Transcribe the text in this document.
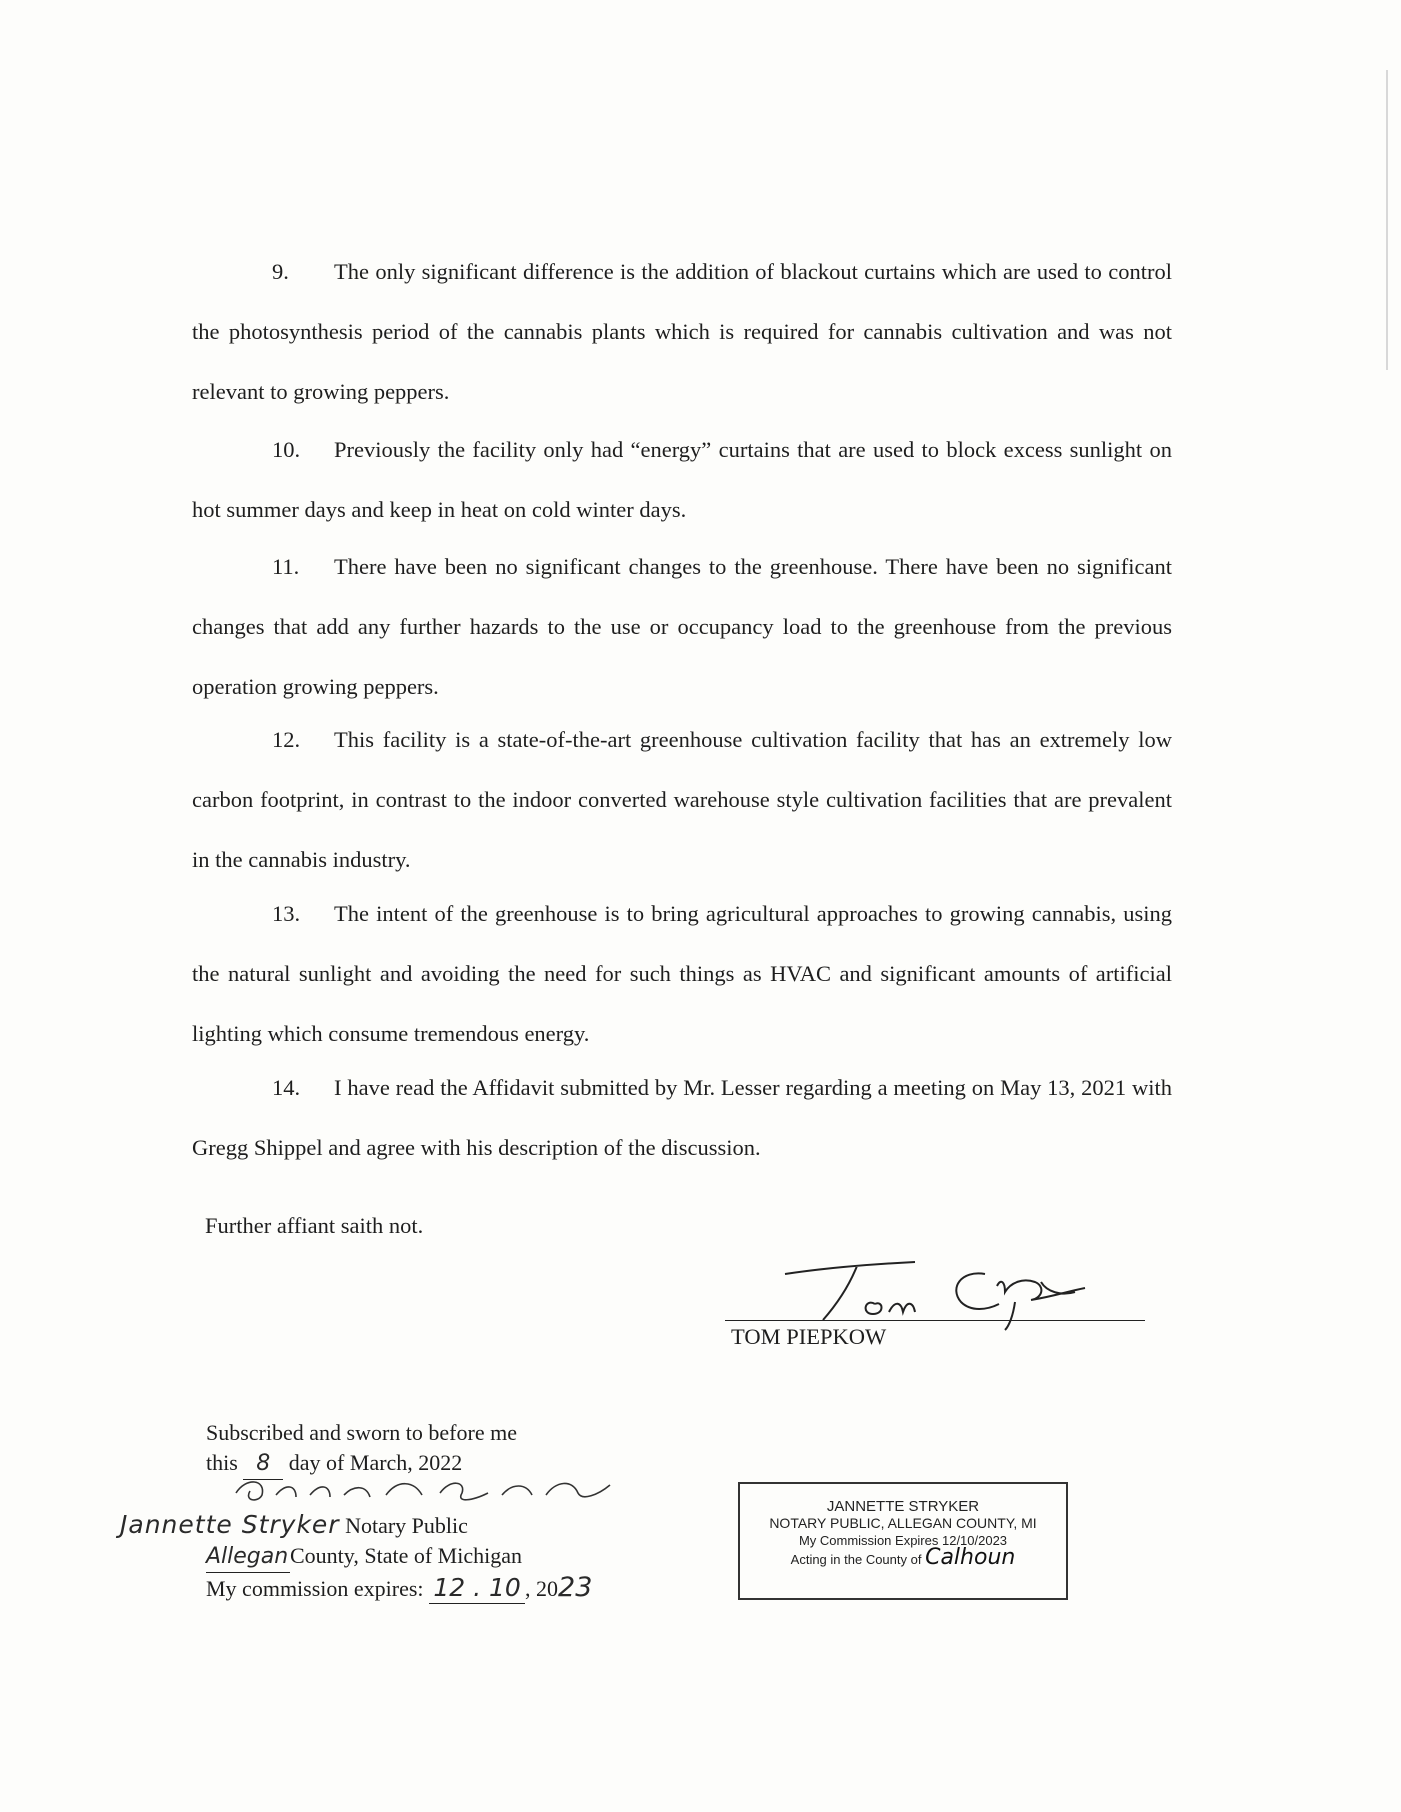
9. The only significant difference is the addition of blackout curtains which are used to control the photosynthesis period of the cannabis plants which is required for cannabis cultivation and was not relevant to growing peppers.

10. Previously the facility only had “energy” curtains that are used to block excess sunlight on hot summer days and keep in heat on cold winter days.

11. There have been no significant changes to the greenhouse. There have been no significant changes that add any further hazards to the use or occupancy load to the greenhouse from the previous operation growing peppers.

12. This facility is a state-of-the-art greenhouse cultivation facility that has an extremely low carbon footprint, in contrast to the indoor converted warehouse style cultivation facilities that are prevalent in the cannabis industry.

13. The intent of the greenhouse is to bring agricultural approaches to growing cannabis, using the natural sunlight and avoiding the need for such things as HVAC and significant amounts of artificial lighting which consume tremendous energy.

14. I have read the Affidavit submitted by Mr. Lesser regarding a meeting on May 13, 2021 with Gregg Shippel and agree with his description of the discussion.

Further affiant saith not.
TOM PIEPKOW
Subscribed and sworn to before me
this 8 day of March, 2022
Jannette Stryker Notary Public
AlleganCounty, State of Michigan
My commission expires: 12 . 10 , 2023
JANNETTE STRYKER
NOTARY PUBLIC, ALLEGAN COUNTY, MI
My Commission Expires 12/10/2023
Acting in the County of Calhoun
